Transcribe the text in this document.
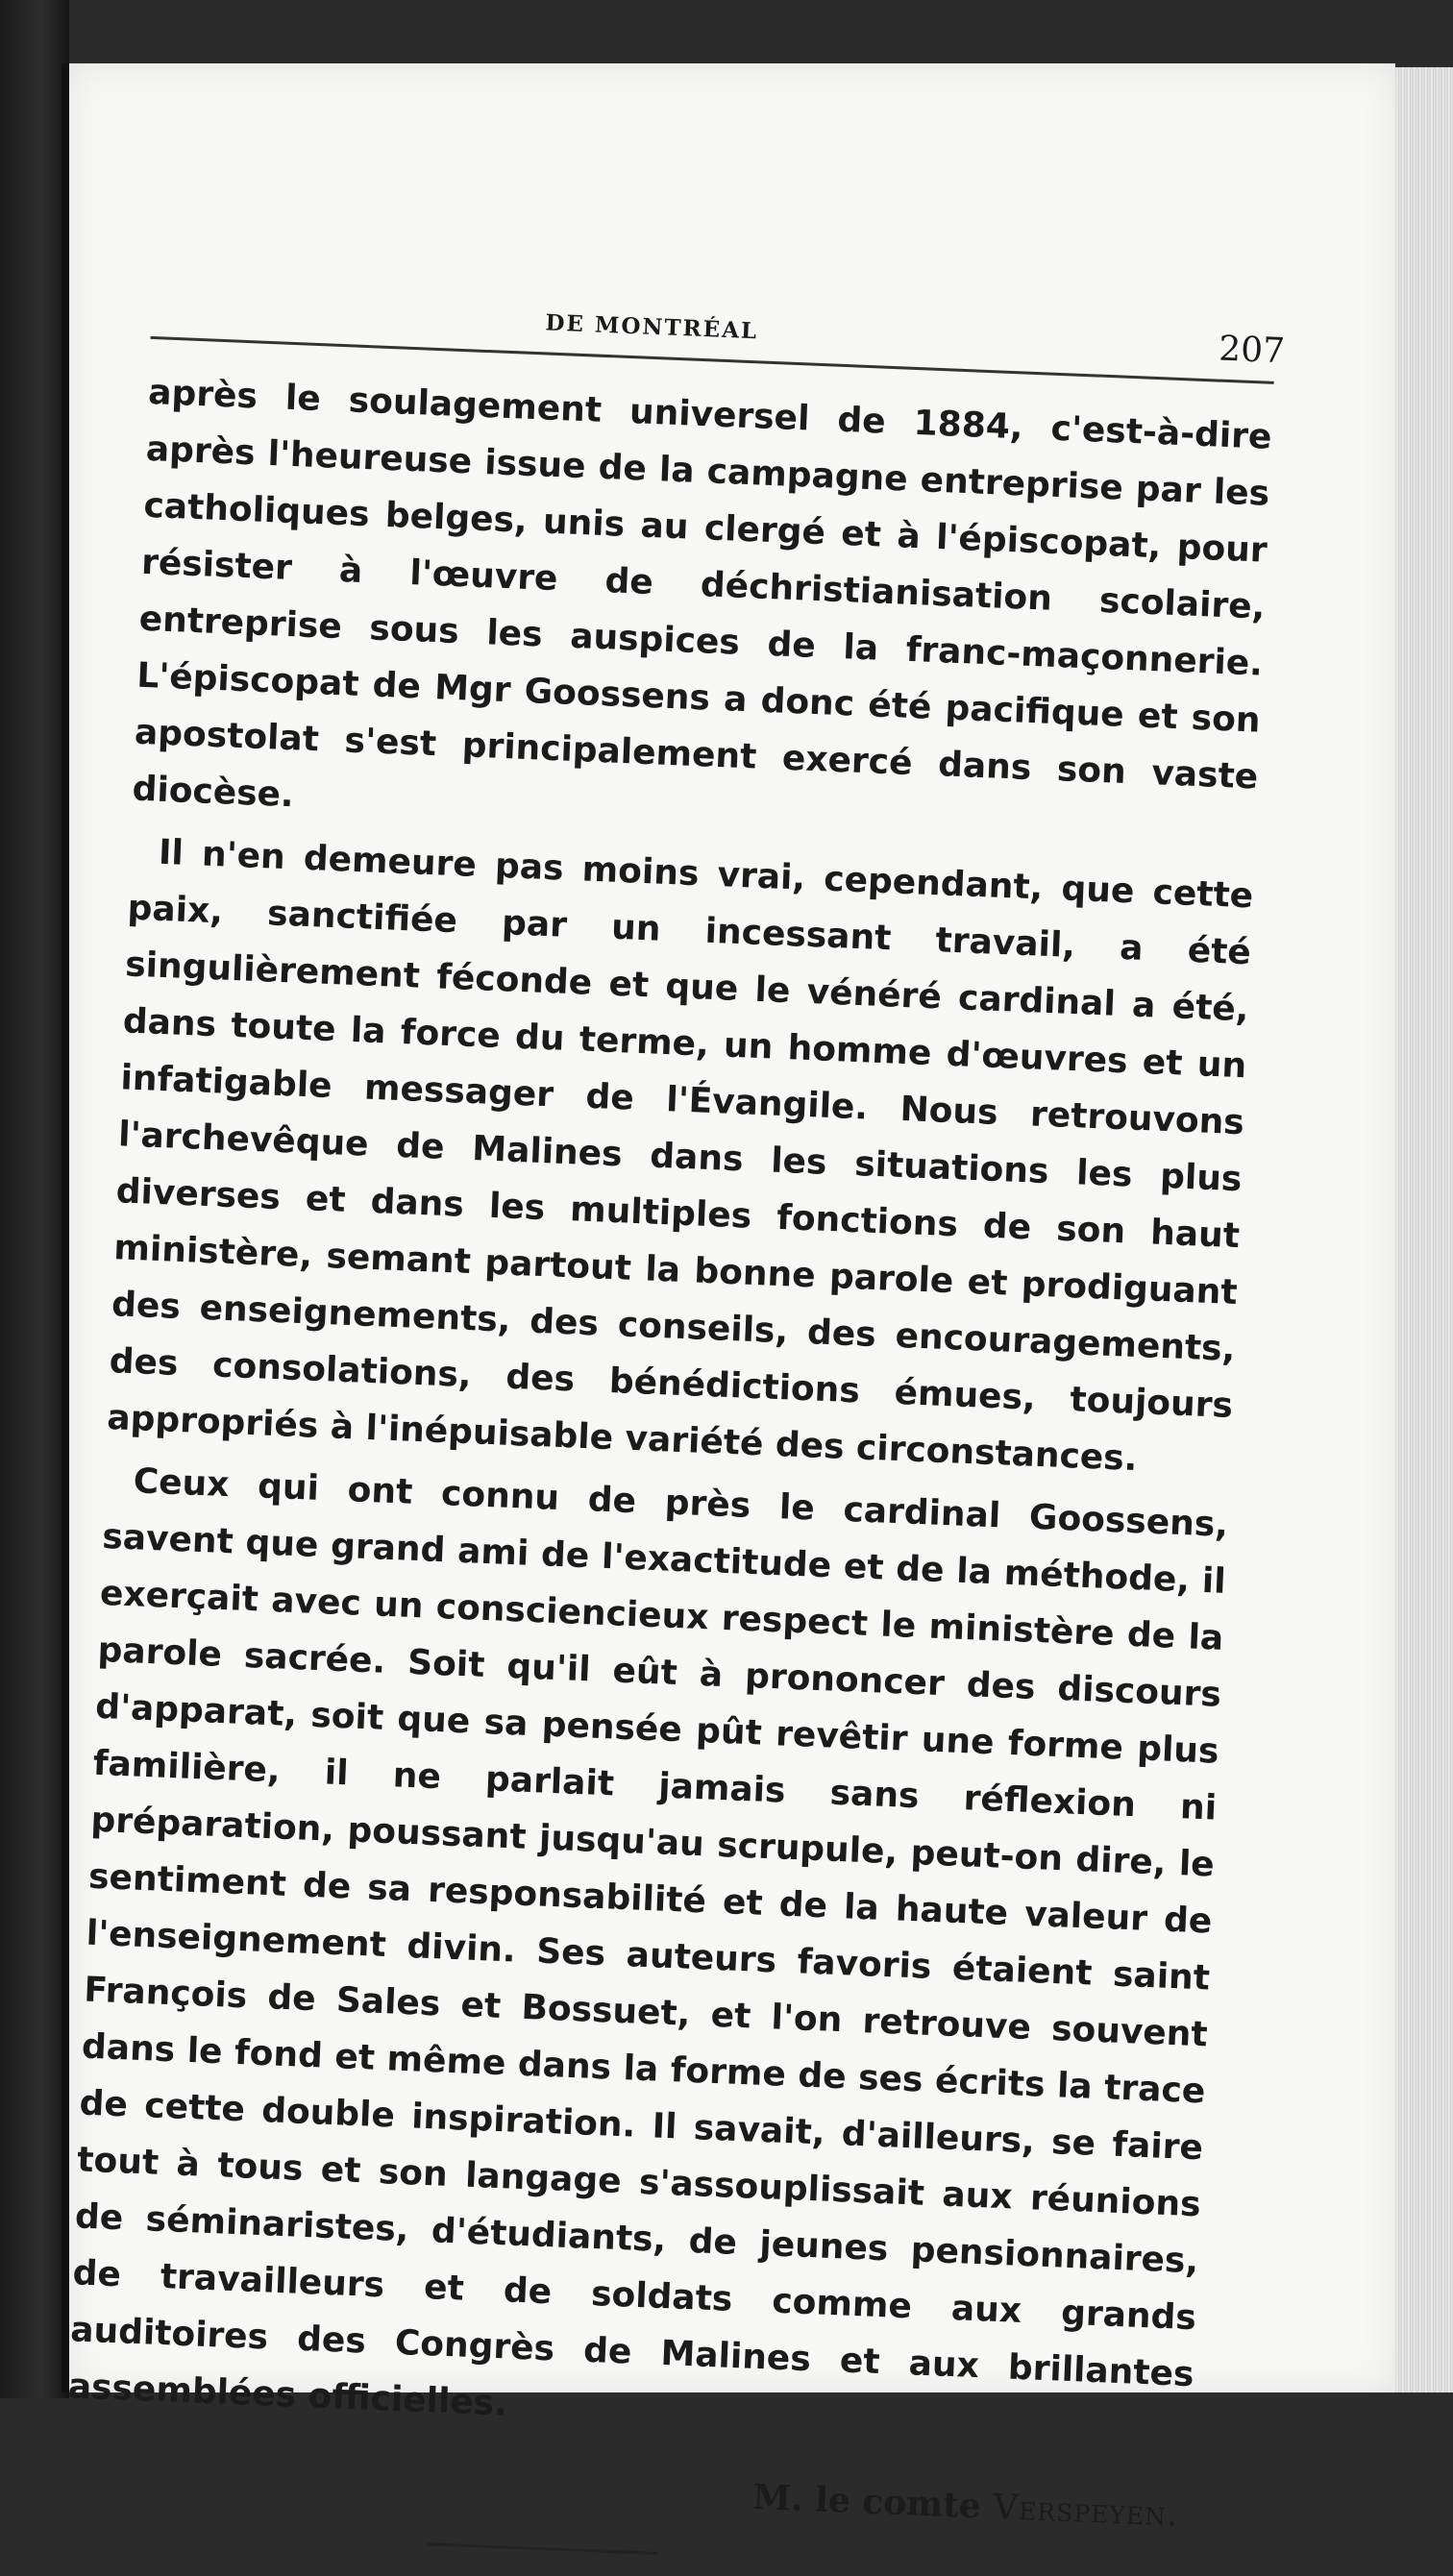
DE MONTRÉAL
207

après le soulagement universel de 1884, c'est-à-dire après l'heureuse issue de la campagne entreprise par les catholiques belges, unis au clergé et à l'épiscopat, pour résister à l'œuvre de déchristianisation scolaire, entreprise sous les auspices de la franc-maçonnerie. L'épiscopat de Mgr Goossens a donc été pacifique et son apostolat s'est principalement exercé dans son vaste diocèse.

Il n'en demeure pas moins vrai, cependant, que cette paix, sanctifiée par un incessant travail, a été singulièrement féconde et que le vénéré cardinal a été, dans toute la force du terme, un homme d'œuvres et un infatigable messager de l'Évangile. Nous retrouvons l'archevêque de Malines dans les situations les plus diverses et dans les multiples fonctions de son haut ministère, semant partout la bonne parole et prodiguant des enseignements, des conseils, des encouragements, des consolations, des bénédictions émues, toujours appropriés à l'inépuisable variété des circonstances.

Ceux qui ont connu de près le cardinal Goossens, savent que grand ami de l'exactitude et de la méthode, il exerçait avec un consciencieux respect le ministère de la parole sacrée. Soit qu'il eût à prononcer des discours d'apparat, soit que sa pensée pût revêtir une forme plus familière, il ne parlait jamais sans réflexion ni préparation, poussant jusqu'au scrupule, peut-on dire, le sentiment de sa responsabilité et de la haute valeur de l'enseignement divin. Ses auteurs favoris étaient saint François de Sales et Bossuet, et l'on retrouve souvent dans le fond et même dans la forme de ses écrits la trace de cette double inspiration. Il savait, d'ailleurs, se faire tout à tous et son langage s'assouplissait aux réunions de séminaristes, d'étudiants, de jeunes pensionnaires, de travailleurs et de soldats comme aux grands auditoires des Congrès de Malines et aux brillantes assemblées officielles.

M. le comte Verspeyen.
